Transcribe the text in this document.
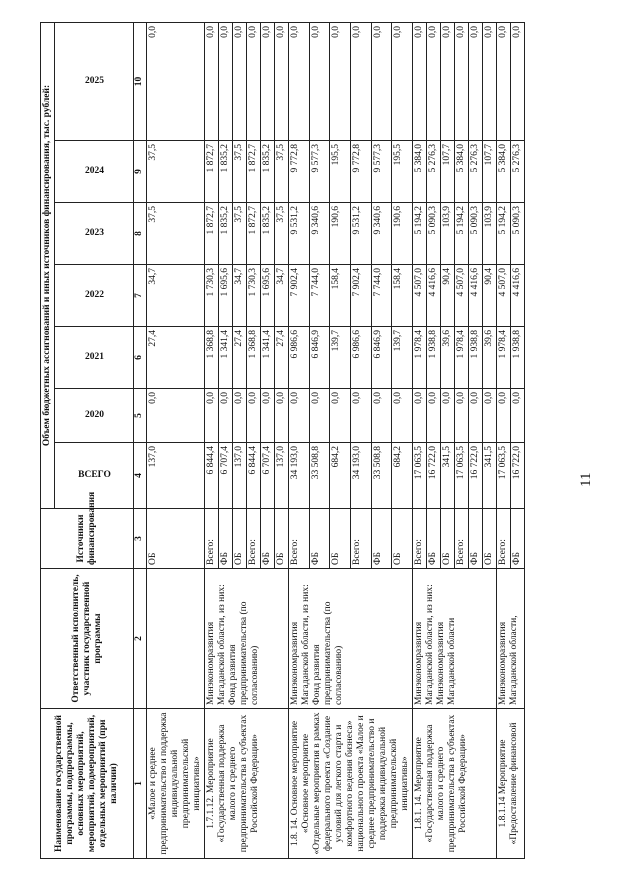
11
Наименование государственной программы, подпрограммы, основных мероприятий, мероприятий, подмероприятий, отдельных мероприятий (при наличии)	Ответственный исполнитель, участник государственной программы	Источники финансирования	Объем бюджетных ассигнований и иных источников финансирования, тыс. рублей:						
			ВСЕГО	2020	2021	2022	2023	2024	2025
1	2	3	4	5	6	7	8	9	10
«Малое и среднее предпринимательство и поддержка индивидуальной предпринимательской инициативы»		ОБ	137,0	0,0	27,4	34,7	37,5	37,5	0,0
1.7.1.12. Мероприятие «Государственная поддержка малого и среднего предпринимательства в субъектах Российской Федерации»	Минэкономразвития Магаданской области, из них: Фонд развития предпринимательства (по согласованию)	Всего:	6 844,4	0,0	1 368,8	1 730,3	1 872,7	1 872,7	0,0
		ФБ	6 707,4	0,0	1 341,4	1 695,6	1 835,2	1 835,2	0,0
		ОБ	137,0	0,0	27,4	34,7	37,5	37,5	0,0
		Всего:	6 844,4	0,0	1 368,8	1 730,3	1 872,7	1 872,7	0,0
		ФБ	6 707,4	0,0	1 341,4	1 695,6	1 835,2	1 835,2	0,0
		ОБ	137,0	0,0	27,4	34,7	37,5	37,5	0,0
1.8. 14. Основное мероприятие «Основное мероприятие «Отдельные мероприятия в рамках федерального проекта «Создание условий для легкого старта и комфортного ведения бизнеса» национального проекта «Малое и среднее предпринимательство и поддержка индивидуальной предпринимательской инициативы»	Минэкономразвития Магаданской области, из них: Фонд развития предпринимательства (по согласованию)	Всего:	34 193,0	0,0	6 986,6	7 902,4	9 531,2	9 772,8	0,0
		ФБ	33 508,8	0,0	6 846,9	7 744,0	9 340,6	9 577,3	0,0
		ОБ	684,2	0,0	139,7	158,4	190,6	195,5	0,0
		Всего:	34 193,0	0,0	6 986,6	7 902,4	9 531,2	9 772,8	0,0
		ФБ	33 508,8	0,0	6 846,9	7 744,0	9 340,6	9 577,3	0,0
		ОБ	684,2	0,0	139,7	158,4	190,6	195,5	0,0
1.8.1. 14. Мероприятие «Государственная поддержка малого и среднего предпринимательства в субъектах Российской Федерации»	Минэкономразвития Магаданской области, из них: Минэкономразвития Магаданской области	Всего:	17 063,5	0,0	1 978,4	4 507,0	5 194,2	5 384,0	0,0
		ФБ	16 722,0	0,0	1 938,8	4 416,6	5 090,3	5 276,3	0,0
		ОБ	341,5	0,0	39,6	90,4	103,9	107,7	0,0
		Всего:	17 063,5	0,0	1 978,4	4 507,0	5 194,2	5 384,0	0,0
		ФБ	16 722,0	0,0	1 938,8	4 416,6	5 090,3	5 276,3	0,0
		ОБ	341,5	0,0	39,6	90,4	103,9	107,7	0,0
1.8.1.14 Мероприятие «Предоставление финансовой	Минэкономразвития Магаданской области,	Всего:	17 063,5	0,0	1 978,4	4 507,0	5 194,2	5 384,0	0,0
		ФБ	16 722,0	0,0	1 938,8	4 416,6	5 090,3	5 276,3	0,0
